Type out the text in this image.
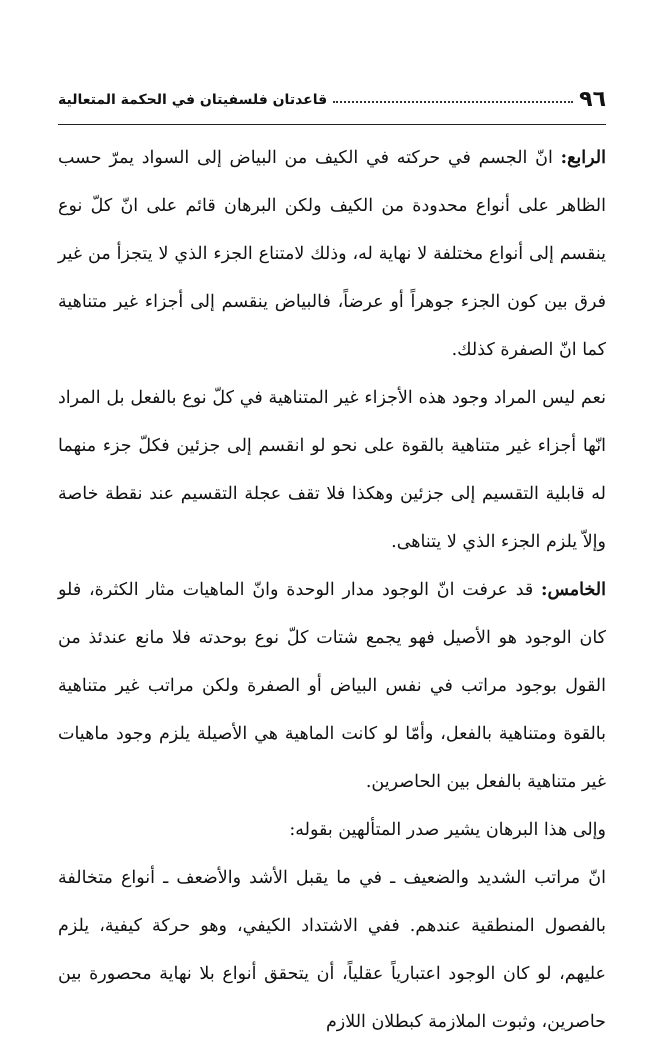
٩٦
قاعدتان فلسفيتان في الحكمة المتعالية

الرابع: انّ الجسم في حركته في الكيف من البياض إلى السواد يمرّ حسب الظاهر على أنواع محدودة من الكيف ولكن البرهان قائم على انّ كلّ نوع ينقسم إلى أنواع مختلفة لا نهاية له، وذلك لامتناع الجزء الذي لا يتجزأ من غير فرق بين كون الجزء جوهراً أو عرضاً، فالبياض ينقسم إلى أجزاء غير متناهية كما انّ الصفرة كذلك.

نعم ليس المراد وجود هذه الأجزاء غير المتناهية في كلّ نوع بالفعل بل المراد انّها أجزاء غير متناهية بالقوة على نحو لو انقسم إلى جزئين فكلّ جزء منهما له قابلية التقسيم إلى جزئين وهكذا فلا تقف عجلة التقسيم عند نقطة خاصة وإلاّ يلزم الجزء الذي لا يتناهى.

الخامس: قد عرفت انّ الوجود مدار الوحدة وانّ الماهيات مثار الكثرة، فلو كان الوجود هو الأصيل فهو يجمع شتات كلّ نوع بوحدته فلا مانع عندئذ من القول بوجود مراتب في نفس البياض أو الصفرة ولكن مراتب غير متناهية بالقوة ومتناهية بالفعل، وأمّا لو كانت الماهية هي الأصيلة يلزم وجود ماهيات غير متناهية بالفعل بين الحاصرين.

وإلى هذا البرهان يشير صدر المتألهين بقوله:

انّ مراتب الشديد والضعيف ـ في ما يقبل الأشد والأضعف ـ أنواع متخالفة بالفصول المنطقية عندهم. ففي الاشتداد الكيفي، وهو حركة كيفية، يلزم عليهم، لو كان الوجود اعتبارياً عقلياً، أن يتحقق أنواع بلا نهاية محصورة بين حاصرين، وثبوت الملازمة كبطلان اللازم
